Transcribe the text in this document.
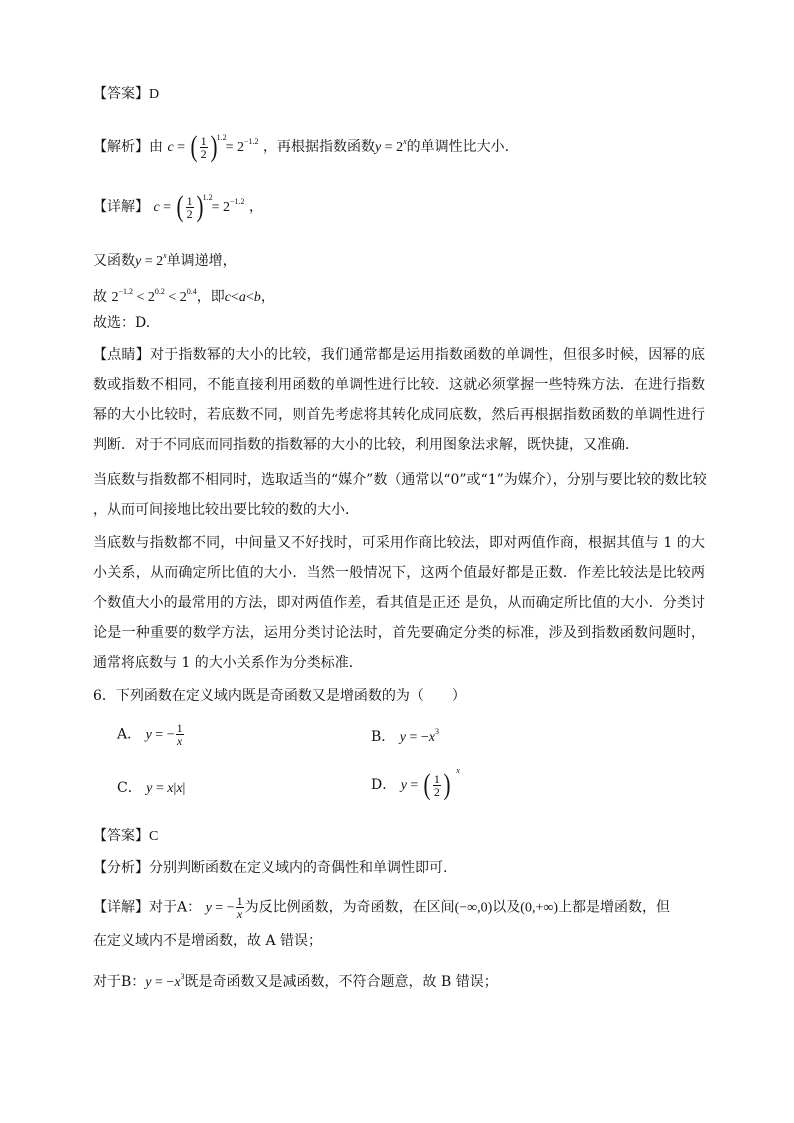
【答案】D
【解析】由 c = ( $\frac{1}{2}$ ) 1.2
= $2^{-1.2}$ ，再根据指数函数$y = 2^x$的单调性比大小.
【详解】 c = ( $\frac{1}{2}$ ) 1.2
= $2^{-1.2}$ ，
又函数$y = 2^x$单调递增，
故 $2^{-1.2} < 2^{0.2} < 2^{0.4}$，即c<a<b，
故选：D.
【点睛】对于指数幂的大小的比较，我们通常都是运用指数函数的单调性，但很多时候，因幂的底数或指数不相同，不能直接利用函数的单调性进行比较．这就必须掌握一些特殊方法．在进行指数幂的大小比较时，若底数不同，则首先考虑将其转化成同底数，然后再根据指数函数的单调性进行判断．对于不同底而同指数的指数幂的大小的比较，利用图象法求解，既快捷，又准确．
当底数与指数都不相同时，选取适当的“媒介”数（通常以“0”或“1”为媒介），分别与要比较的数比较
，从而可间接地比较出要比较的数的大小．
当底数与指数都不同，中间量又不好找时，可采用作商比较法，即对两值作商，根据其值与 1 的大小关系，从而确定所比值的大小．当然一般情况下，这两个值最好都是正数．作差比较法是比较两个数值大小的最常用的方法，即对两值作差，看其值是正还 是负，从而确定所比值的大小．分类讨论是一种重要的数学方法，运用分类讨论法时，首先要确定分类的标准，涉及到指数函数问题时，通常将底数与 1 的大小关系作为分类标准．
6．下列函数在定义域内既是奇函数又是增函数的为（　　）
A． y = − $\frac{1}{x}$	B． $y = -x^3$
C． y = x|x|	D． y = ( $\frac{1}{2}$ ) x
【答案】C
【分析】分别判断函数在定义域内的奇偶性和单调性即可.
【详解】对于A： y = − $\frac{1}{x}$ 为反比例函数，为奇函数，在区间(−∞,0)以及(0,+∞)上都是增函数，但
在定义域内不是增函数，故 A 错误；
对于B：$y = -x^3$既是奇函数又是减函数，不符合题意，故 B 错误；
